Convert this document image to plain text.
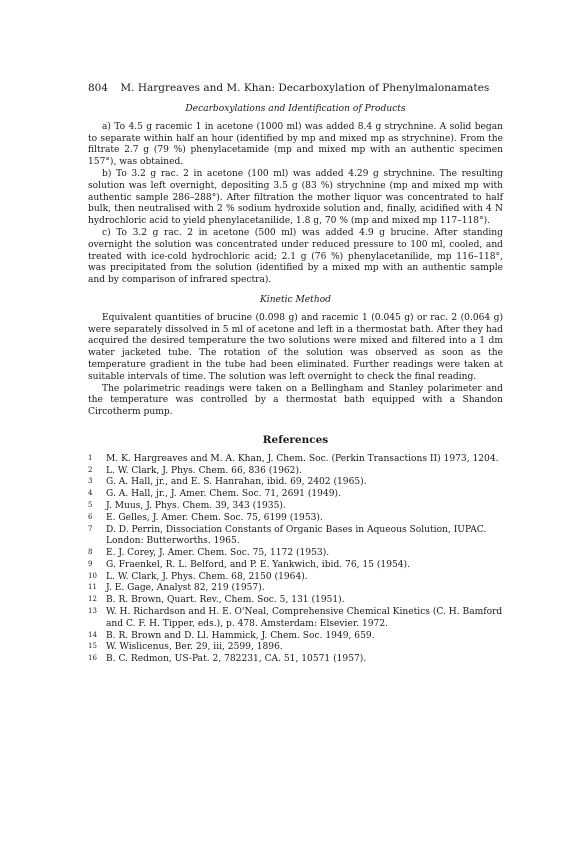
804 M. Hargreaves and M. Khan: Decarboxylation of Phenylmalonamates
Decarboxylations and Identification of Products

a) To 4.5 g racemic 1 in acetone (1000 ml) was added 8.4 g strychnine. A solid began to separate within half an hour (identified by mp and mixed mp as strychnine). From the filtrate 2.7 g (79 %) phenylacetamide (mp and mixed mp with an authentic specimen 157°), was obtained.

b) To 3.2 g rac. 2 in acetone (100 ml) was added 4.29 g strychnine. The resulting solution was left overnight, depositing 3.5 g (83 %) strychnine (mp and mixed mp with authentic sample 286–288°). After filtration the mother liquor was concentrated to half bulk, then neutralised with 2 % sodium hydroxide solution and, finally, acidified with 4 N hydrochloric acid to yield phenylacetanilide, 1.8 g, 70 % (mp and mixed mp 117–118°).

c) To 3.2 g rac. 2 in acetone (500 ml) was added 4.9 g brucine. After standing overnight the solution was concentrated under reduced pressure to 100 ml, cooled, and treated with ice-cold hydrochloric acid; 2.1 g (76 %) phenylacetanilide, mp 116–118°, was precipitated from the solution (identified by a mixed mp with an authentic sample and by comparison of infrared spectra).

Kinetic Method

Equivalent quantities of brucine (0.098 g) and racemic 1 (0.045 g) or rac. 2 (0.064 g) were separately dissolved in 5 ml of acetone and left in a thermostat bath. After they had acquired the desired temperature the two solutions were mixed and filtered into a 1 dm water jacketed tube. The rotation of the solution was observed as soon as the temperature gradient in the tube had been eliminated. Further readings were taken at suitable intervals of time. The solution was left overnight to check the final reading.

The polarimetric readings were taken on a Bellingham and Stanley polarimeter and the temperature was controlled by a thermostat bath equipped with a Shandon Circotherm pump.

References
1 M. K. Hargreaves and M. A. Khan, J. Chem. Soc. (Perkin Transactions II) 1973, 1204.
2 L. W. Clark, J. Phys. Chem. 66, 836 (1962).
3 G. A. Hall, jr., and E. S. Hanrahan, ibid. 69, 2402 (1965).
4 G. A. Hall, jr., J. Amer. Chem. Soc. 71, 2691 (1949).
5 J. Muus, J. Phys. Chem. 39, 343 (1935).
6 E. Gelles, J. Amer. Chem. Soc. 75, 6199 (1953).
7 D. D. Perrin, Dissociation Constants of Organic Bases in Aqueous Solution, IUPAC. London: Butterworths. 1965.
8 E. J. Corey, J. Amer. Chem. Soc. 75, 1172 (1953).
9 G. Fraenkel, R. L. Belford, and P. E. Yankwich, ibid. 76, 15 (1954).
10 L. W. Clark, J. Phys. Chem. 68, 2150 (1964).
11 J. E. Gage, Analyst 82, 219 (1957).
12 B. R. Brown, Quart. Rev., Chem. Soc. 5, 131 (1951).
13 W. H. Richardson and H. E. O'Neal, Comprehensive Chemical Kinetics (C. H. Bamford and C. F. H. Tipper, eds.), p. 478. Amsterdam: Elsevier. 1972.
14 B. R. Brown and D. Ll. Hammick, J. Chem. Soc. 1949, 659.
15 W. Wislicenus, Ber. 29, iii, 2599, 1896.
16 B. C. Redmon, US-Pat. 2, 782231, CA. 51, 10571 (1957).
